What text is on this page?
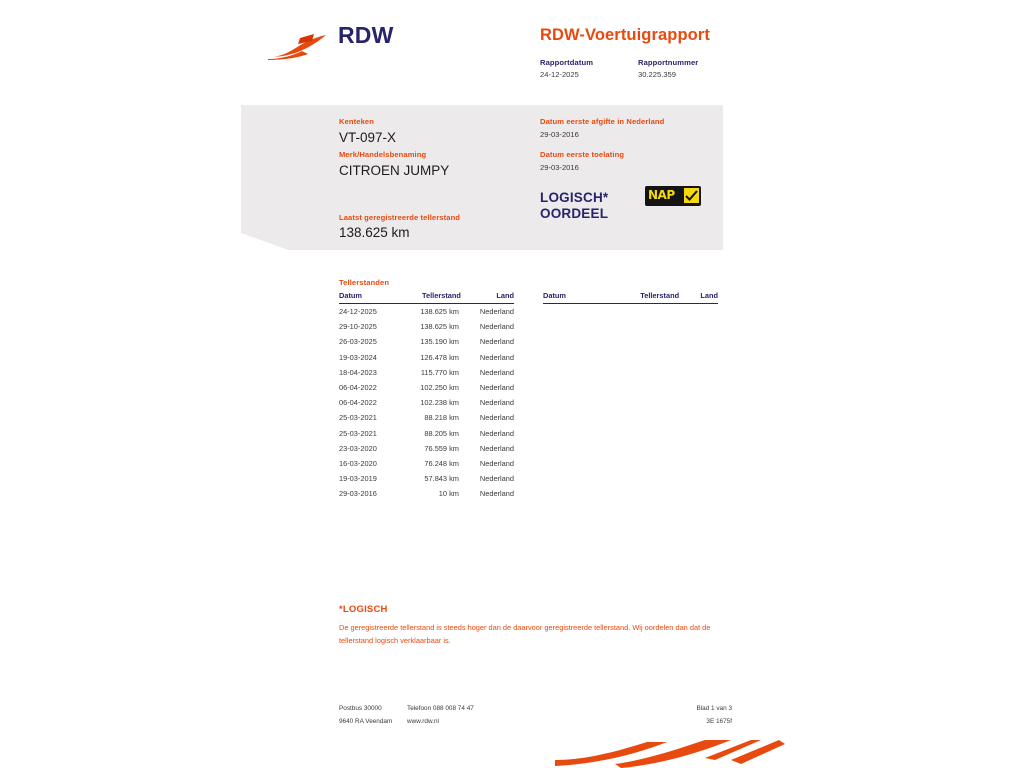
RDW	RDW-Voertuigrapport
Rapportdatum
24-12-2025
Rapportnummer
30.225.359
Kenteken
VT-097-X
Merk/Handelsbenaming
CITROEN JUMPY
Laatst geregistreerde tellerstand
138.625 km
Datum eerste afgifte in Nederland
29-03-2016
Datum eerste toelating
29-03-2016
LOGISCH*
OORDEEL
NAP
Tellerstanden
Datum	Tellerstand	Land
24-12-2025	138.625 km	Nederland
29-10-2025	138.625 km	Nederland
26-03-2025	135.190 km	Nederland
19-03-2024	126.478 km	Nederland
18-04-2023	115.770 km	Nederland
06-04-2022	102.250 km	Nederland
06-04-2022	102.238 km	Nederland
25-03-2021	88.218 km	Nederland
25-03-2021	88.205 km	Nederland
23-03-2020	76.559 km	Nederland
16-03-2020	76.248 km	Nederland
19-03-2019	57.843 km	Nederland
29-03-2016	10 km	Nederland
Datum	Tellerstand	Land
*LOGISCH
De geregistreerde tellerstand is steeds hoger dan de daarvoor geregistreerde tellerstand. Wij oordelen dan dat de tellerstand logisch verklaarbaar is.
Postbus 30000	Telefoon 088 008 74 47
9640 RA Veendam	www.rdw.nl
Blad 1 van 3
3E 1675f
